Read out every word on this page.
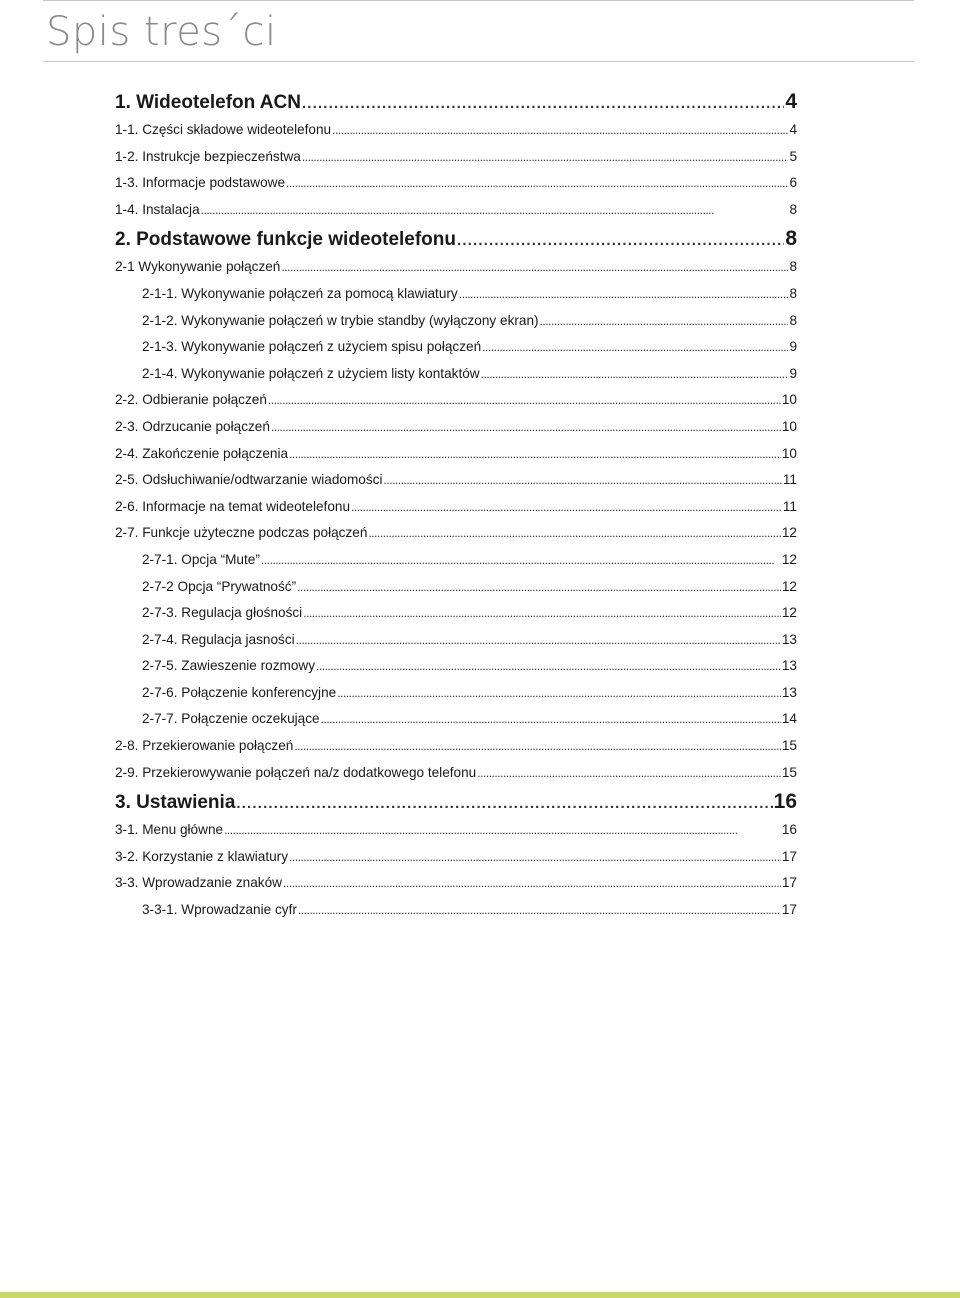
Spis tres´ci
1. Wideotelefon ACN . . .	4
1-1. Części składowe wideotelefonu . . .	4
1-2. Instrukcje bezpieczeństwa . . .	5
1-3. Informacje podstawowe . . .	6
1-4. Instalacja . . .	8
2. Podstawowe funkcje wideotelefonu . . .	8
2-1 Wykonywanie połączeń . . .	8
2-1-1. Wykonywanie połączeń za pomocą klawiatury . . .	8
2-1-2. Wykonywanie połączeń w trybie standby (wyłączony ekran) . . .	8
2-1-3. Wykonywanie połączeń z użyciem spisu połączeń . . .	9
2-1-4. Wykonywanie połączeń z użyciem listy kontaktów . . .	9
2-2. Odbieranie połączeń . . .	10
2-3. Odrzucanie połączeń . . .	10
2-4. Zakończenie połączenia . . .	10
2-5. Odsłuchiwanie/odtwarzanie wiadomości . . .	11
2-6. Informacje na temat wideotelefonu . . .	11
2-7. Funkcje użyteczne podczas połączeń . . .	12
2-7-1. Opcja “Mute” . . .	12
2-7-2 Opcja “Prywatność” . . .	12
2-7-3. Regulacja głośności . . .	12
2-7-4. Regulacja jasności . . .	13
2-7-5. Zawieszenie rozmowy . . .	13
2-7-6. Połączenie konferencyjne . . .	13
2-7-7. Połączenie oczekujące . . .	14
2-8. Przekierowanie połączeń . . .	15
2-9. Przekierowywanie połączeń na/z dodatkowego telefonu . . .	15
3. Ustawienia . . .	16
3-1. Menu główne . . .	16
3-2. Korzystanie z klawiatury . . .	17
3-3. Wprowadzanie znaków . . .	17
3-3-1. Wprowadzanie cyfr . . .	17
